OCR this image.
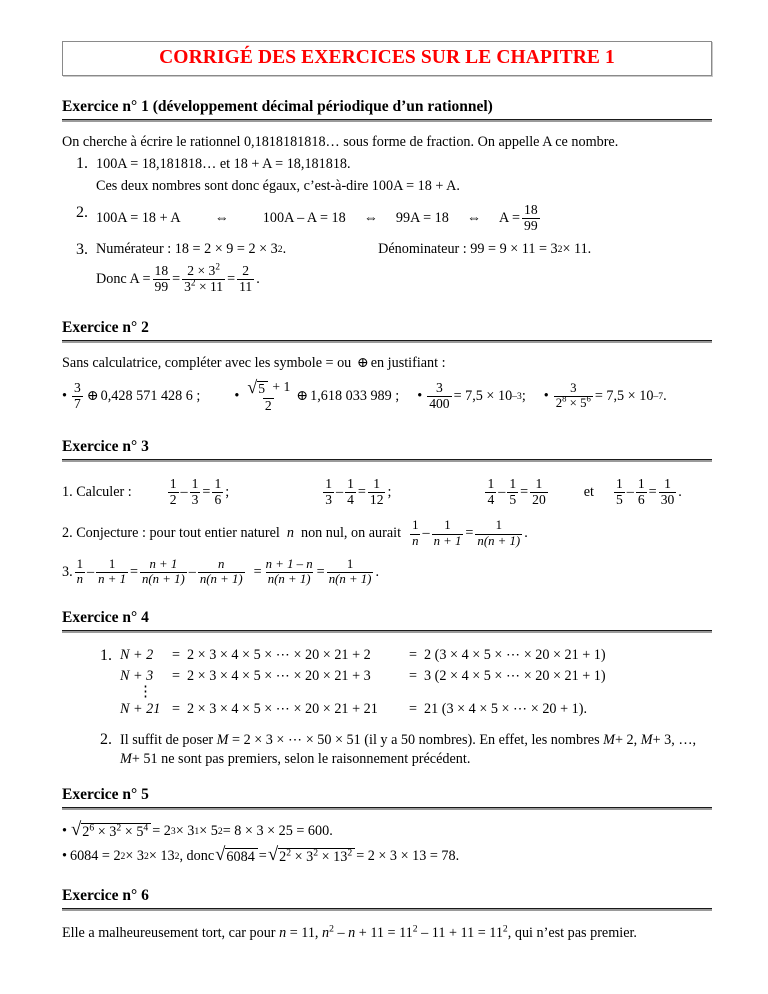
CORRIGÉ DES EXERCICES SUR LE CHAPITRE 1
Exercice n° 1 (développement décimal périodique d’un rationnel)
On cherche à écrire le rationnel 0,1818181818… sous forme de fraction. On appelle A ce nombre.
1. 100A = 18,181818… et 18 + A = 18,181818.
Ces deux nombres sont donc égaux, c’est-à-dire 100A = 18 + A.
2. 100A = 18 + A ⇔ 100A – A = 18 ⇔ 99A = 18 ⇔ $A = \frac{18}{99}$
3. Numérateur : 18 = 2 × 9 = 2 × 3 2 .	Dénominateur : 99 = 9 × 11 = 3 2 × 11.
Donc $A = \frac{18}{99} = \frac{2 \times 3^2}{3^2 \times 11} = \frac{2}{11}$ .
Exercice n° 2
Sans calculatrice, compléter avec les symbole = ou ⊕ en justifiant :
• $\frac{3}{7}$ ⊕ 0,428 571 428 6 ; • $\frac{√ 5 + 1}{2}$ ⊕ 1,618 033 989 ; • $\frac{3}{400} = 7,5 \times 10$ –3 ; • $\frac{3}{2^8 \times 5^6} = 7,5 \times 10$ –7 .
Exercice n° 3
1. Calculer :	$\frac{1}{2} - \frac{1}{3} = \frac{1}{6}$ ;	$\frac{1}{3} - \frac{1}{4} = \frac{1}{12}$ ;	$\frac{1}{4} - \frac{1}{5} = \frac{1}{20}$	et $\frac{1}{5} - \frac{1}{6} = \frac{1}{30}$ .
2. Conjecture : pour tout entier naturel n non nul, on aurait $\frac{1}{n} - \frac{1}{n + 1} = \frac{1}{n(n + 1)}$ .
3. $\frac{1}{n} - \frac{1}{n + 1} = \frac{n + 1}{n(n + 1)} - \frac{n}{n(n + 1)} = \frac{n + 1 - n}{n(n + 1)} = \frac{1}{n(n + 1)}$ .
Exercice n° 4
1. N + 2	= 2 × 3 × 4 × 5 × ⋯ × 20 × 21 + 2	= 2 (3 × 4 × 5 × ⋯ × 20 × 21 + 1)
N + 3	= 2 × 3 × 4 × 5 × ⋯ × 20 × 21 + 3	= 3 (2 × 4 × 5 × ⋯ × 20 × 21 + 1)
⋮
N + 21 = 2 × 3 × 4 × 5 × ⋯ × 20 × 21 + 21	= 21 (3 × 4 × 5 × ⋯ × 20 + 1).
2. Il suffit de poser M = 2 × 3 × ⋯ × 50 × 51 (il y a 50 nombres). En effet, les nombres M+ 2, M+ 3, …, M+ 51 ne sont pas premiers, selon le raisonnement précédent.
Exercice n° 5
• √ $2^6 \times 3^2 \times 5^4 = 2$ 3 × 3 1 × 5 2 = 8 × 3 × 25 = 600.
• 6084 = 2 2 × 3 2 × 13 2 , donc √ 6084 = √ $2^2 \times 3^2 \times 13^2 = 2 \times 3 \times 13 = 78$.
Exercice n° 6
Elle a malheureusement tort, car pour n = 11, $n^2 - n + 11 = 11^2 - 11 + 11 = 11^2$, qui n’est pas premier.
